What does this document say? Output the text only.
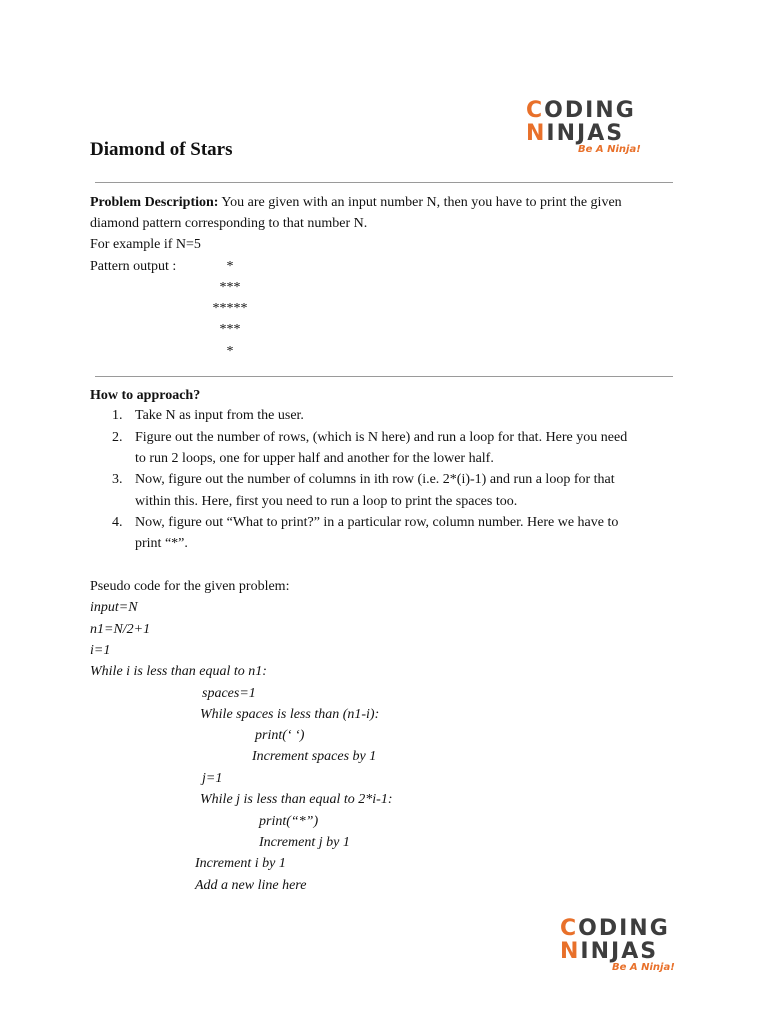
CODING
NINJAS
Be A Ninja!
Diamond of Stars
Problem Description: You are given with an input number N, then you have to print the given
diamond pattern corresponding to that number N.
For example if N=5
Pattern output :	*
***
*****
***
*
How to approach?
1. Take N as input from the user.
2. Figure out the number of rows, (which is N here) and run a loop for that. Here you need
to run 2 loops, one for upper half and another for the lower half.
3. Now, figure out the number of columns in ith row (i.e. 2*(i)-1) and run a loop for that
within this. Here, first you need to run a loop to print the spaces too.
4. Now, figure out “What to print?” in a particular row, column number. Here we have to
print “*”.
Pseudo code for the given problem:
input=N
n1=N/2+1
i=1
While i is less than equal to n1:
spaces=1
While spaces is less than (n1-i):
print(‘ ‘)
Increment spaces by 1
j=1
While j is less than equal to 2*i-1:
print(“*”)
Increment j by 1
Increment i by 1
Add a new line here
CODING
NINJAS
Be A Ninja!
